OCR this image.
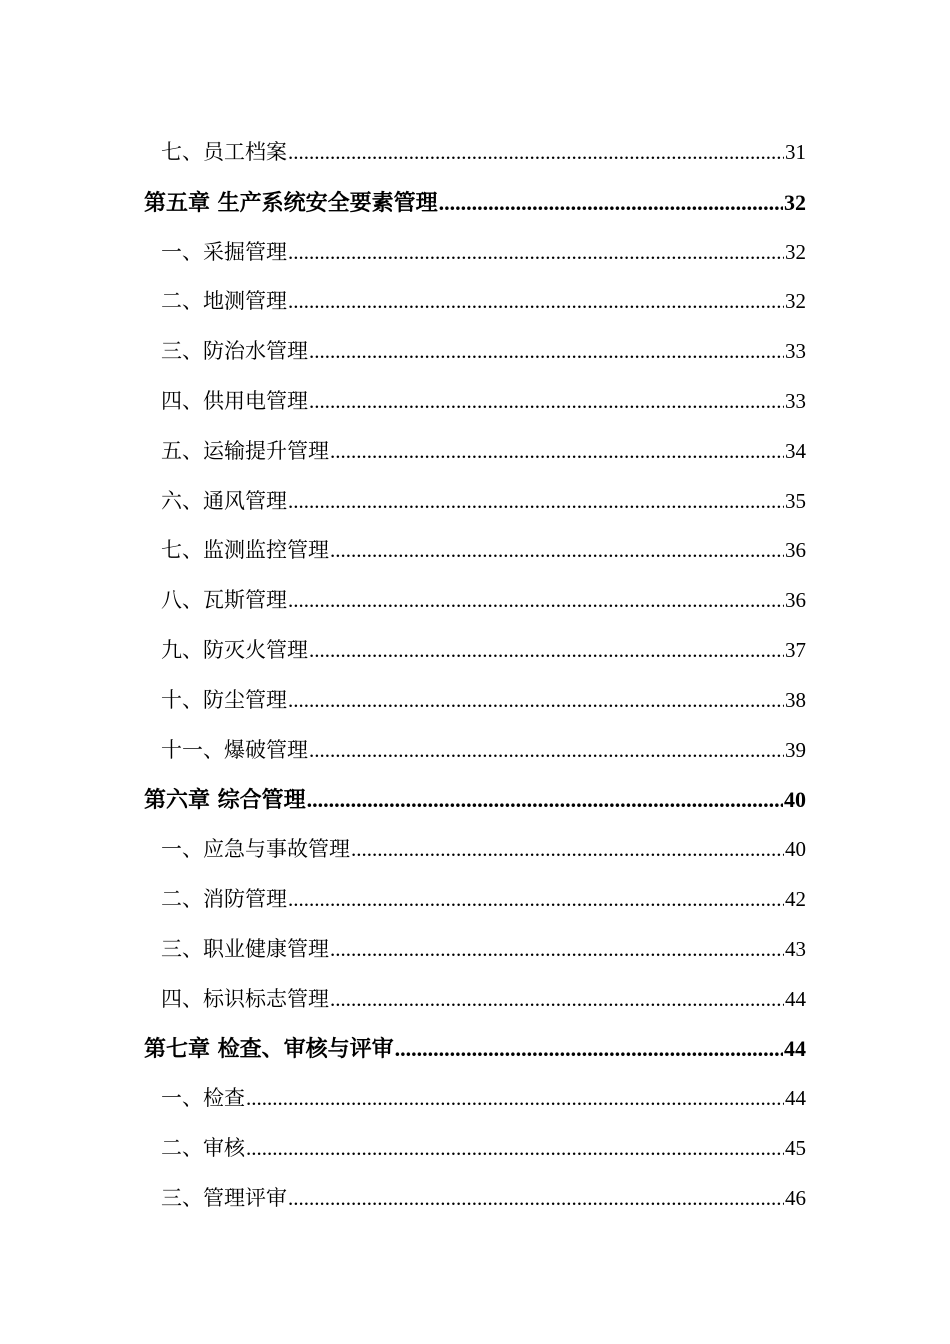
七、员工档案 .....	31
第五章 生产系统安全要素管理 .....	32
一、采掘管理 .....	32
二、地测管理 .....	32
三、防治水管理 .....	33
四、供用电管理 .....	33
五、运输提升管理 .....	34
六、通风管理 .....	35
七、监测监控管理 .....	36
八、瓦斯管理 .....	36
九、防灭火管理 .....	37
十、防尘管理 .....	38
十一、爆破管理 .....	39
第六章 综合管理 .....	40
一、应急与事故管理 .....	40
二、消防管理 .....	42
三、职业健康管理 .....	43
四、标识标志管理 .....	44
第七章 检查、审核与评审 .....	44
一、检查 .....	44
二、审核 .....	45
三、管理评审 .....	46
